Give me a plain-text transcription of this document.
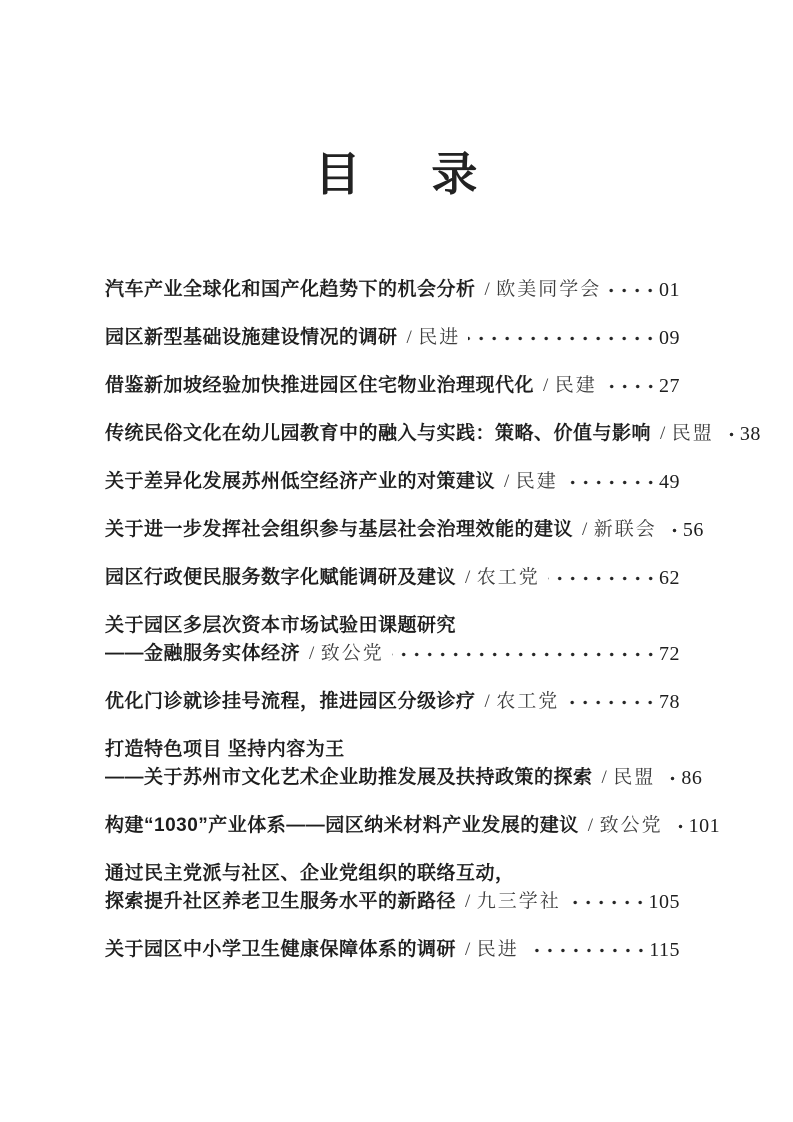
目 录
汽车产业全球化和国产化趋势下的机会分析 / 欧美同学会	01
园区新型基础设施建设情况的调研 / 民进	09
借鉴新加坡经验加快推进园区住宅物业治理现代化 / 民建	27
传统民俗文化在幼儿园教育中的融入与实践：策略、价值与影响 / 民盟 38
关于差异化发展苏州低空经济产业的对策建议 / 民建	49
关于进一步发挥社会组织参与基层社会治理效能的建议 / 新联会 56
园区行政便民服务数字化赋能调研及建议 / 农工党	62
关于园区多层次资本市场试验田课题研究
——金融服务实体经济 / 致公党	72
优化门诊就诊挂号流程，推进园区分级诊疗 / 农工党	78
打造特色项目 坚持内容为王
——关于苏州市文化艺术企业助推发展及扶持政策的探索 / 民盟 86
构建“1030”产业体系——园区纳米材料产业发展的建议 / 致公党 101
通过民主党派与社区、企业党组织的联络互动，
探索提升社区养老卫生服务水平的新路径 / 九三学社	105
关于园区中小学卫生健康保障体系的调研 / 民进	115
